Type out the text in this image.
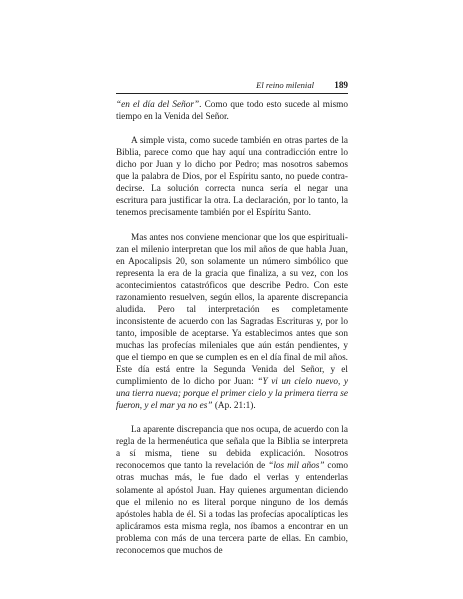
El reino milenial 189

“en el día del Señor”. Como que todo esto sucede al mismo tiempo en la Venida del Señor.

A simple vista, como sucede también en otras partes de la Biblia, parece como que hay aquí una contradicción entre lo dicho por Juan y lo dicho por Pedro; mas nosotros sabemos que la palabra de Dios, por el Espíritu santo, no puede contradecirse. La solución correcta nunca sería el negar una escritura para justificar la otra. La declaración, por lo tanto, la tenemos precisamente también por el Espíritu Santo.

Mas antes nos conviene mencionar que los que espiritualizan el milenio interpretan que los mil años de que habla Juan, en Apocalipsis 20, son solamente un número simbólico que representa la era de la gracia que finaliza, a su vez, con los acontecimientos catastróficos que describe Pedro. Con este razonamiento resuelven, según ellos, la aparente discrepancia aludida. Pero tal interpretación es completamente inconsistente de acuerdo con las Sagradas Escrituras y, por lo tanto, imposible de aceptarse. Ya establecimos antes que son muchas las profecías mileniales que aún están pendientes, y que el tiempo en que se cumplen es en el día final de mil años. Este día está entre la Segunda Venida del Señor, y el cumplimiento de lo dicho por Juan: “Y vi un cielo nuevo, y una tierra nueva; porque el primer cielo y la primera tierra se fueron, y el mar ya no es” (Ap. 21:1).

La aparente discrepancia que nos ocupa, de acuerdo con la regla de la hermenéutica que señala que la Biblia se interpreta a sí misma, tiene su debida explicación. Nosotros reconocemos que tanto la revelación de “los mil años” como otras muchas más, le fue dado el verlas y entenderlas solamente al apóstol Juan. Hay quienes argumentan diciendo que el milenio no es literal porque ninguno de los demás apóstoles habla de él. Si a todas las profecías apocalípticas les aplicáramos esta misma regla, nos íbamos a encontrar en un problema con más de una tercera parte de ellas. En cambio, reconocemos que muchos de
